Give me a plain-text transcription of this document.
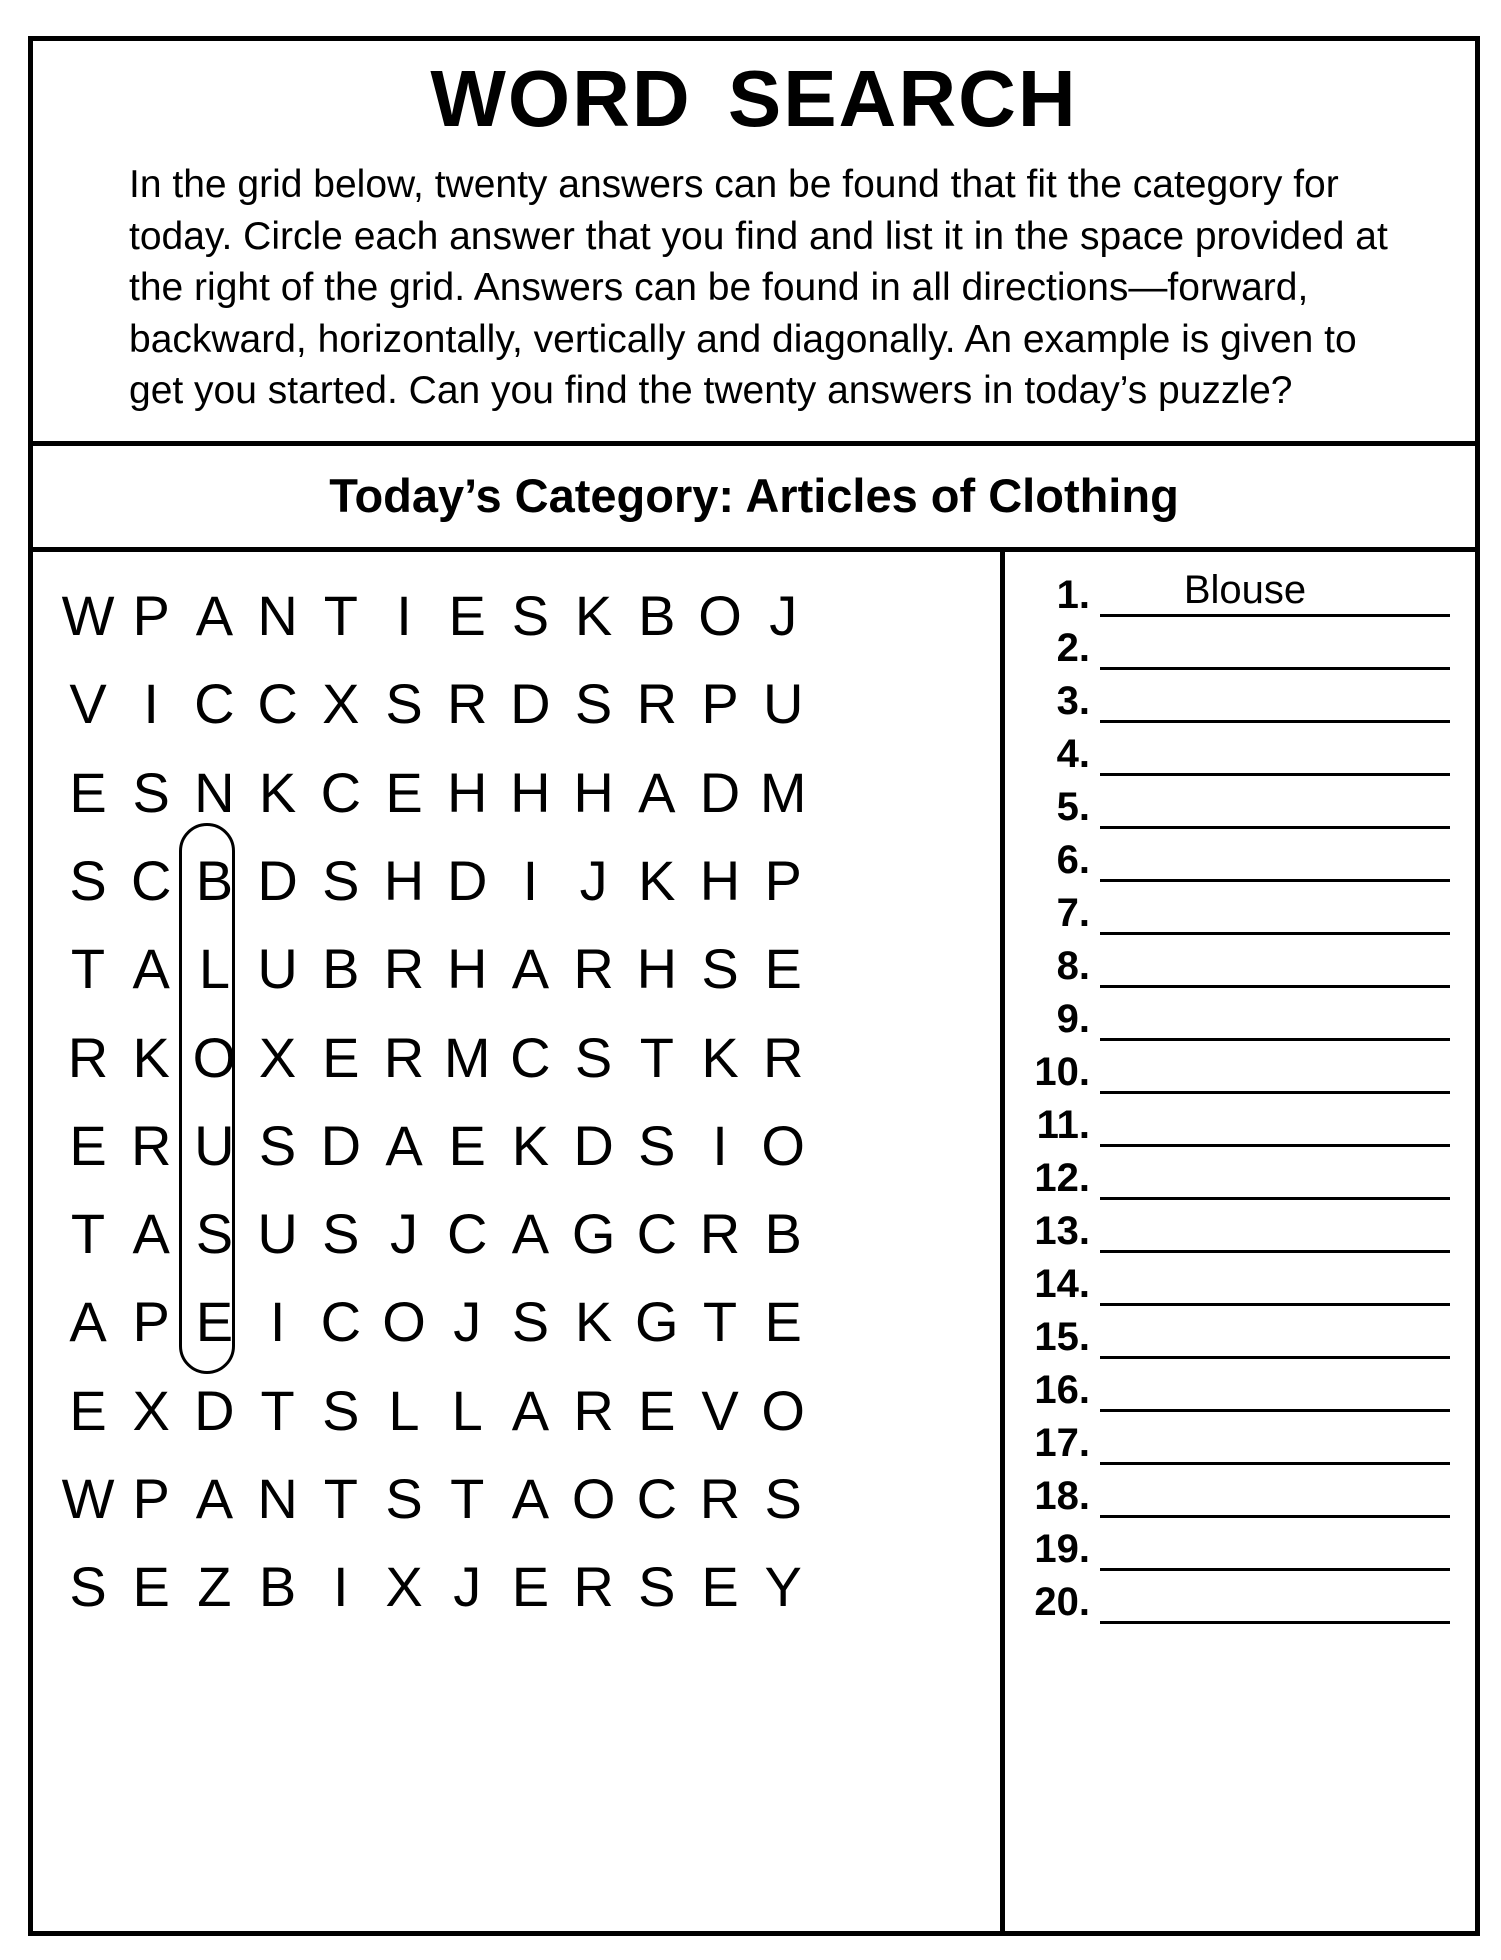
WORD SEARCH

In the grid below, twenty answers can be found that fit the category for today. Circle each answer that you find and list it in the space provided at the right of the grid. Answers can be found in all directions—forward, backward, horizontally, vertically and diagonally. An example is given to get you started. Can you find the twenty answers in today’s puzzle?

Today’s Category: Articles of Clothing
W P A N T I E S K B O J
V I C C X S R D S R P U
E S N K C E H H H A D M
S C B D S H D I J K H P
T A L U B R H A R H S E
R K O X E R M C S T K R
E R U S D A E K D S I O
T A S U S J C A G C R B
A P E I C O J S K G T E
E X D T S L L A R E V O
W P A N T S T A O C R S
S E Z B I X J E R S E Y
1.	Blouse
2.
3.
4.
5.
6.
7.
8.
9.
10.
11.
12.
13.
14.
15.
16.
17.
18.
19.
20.
